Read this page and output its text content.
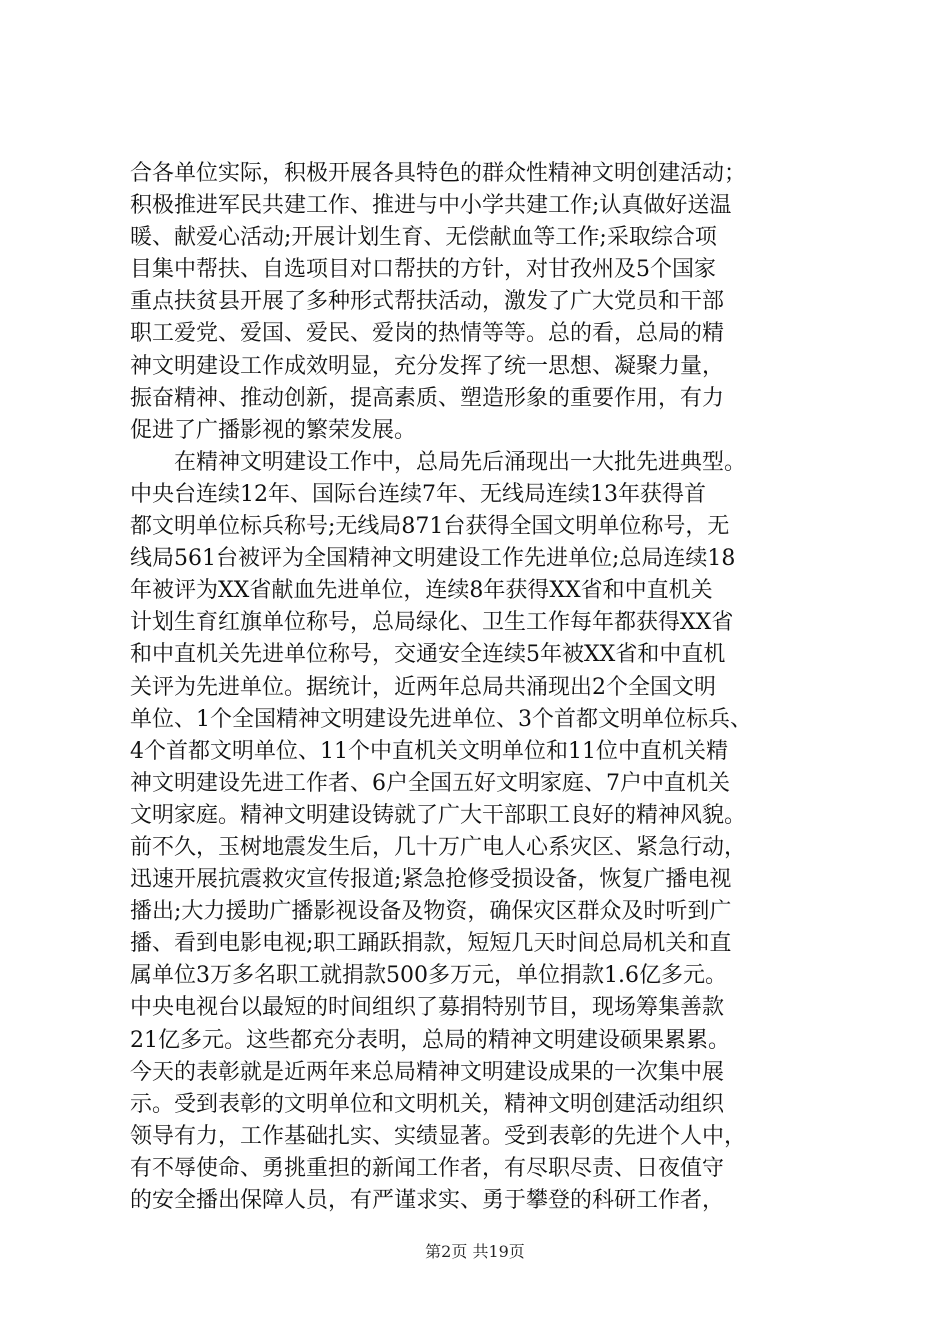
合各单位实际，积极开展各具特色的群众性精神文明创建活动；
积极推进军民共建工作、推进与中小学共建工作;认真做好送温
暖、献爱心活动;开展计划生育、无偿献血等工作;采取综合项
目集中帮扶、自选项目对口帮扶的方针，对甘孜州及5个国家
重点扶贫县开展了多种形式帮扶活动，激发了广大党员和干部
职工爱党、爱国、爱民、爱岗的热情等等。总的看，总局的精
神文明建设工作成效明显，充分发挥了统一思想、凝聚力量，
振奋精神、推动创新，提高素质、塑造形象的重要作用，有力
促进了广播影视的繁荣发展。
　　在精神文明建设工作中，总局先后涌现出一大批先进典型。
中央台连续12年、国际台连续7年、无线局连续13年获得首
都文明单位标兵称号;无线局871台获得全国文明单位称号，无
线局561台被评为全国精神文明建设工作先进单位;总局连续18
年被评为XX省献血先进单位，连续8年获得XX省和中直机关
计划生育红旗单位称号，总局绿化、卫生工作每年都获得XX省
和中直机关先进单位称号，交通安全连续5年被XX省和中直机
关评为先进单位。据统计，近两年总局共涌现出2个全国文明
单位、1个全国精神文明建设先进单位、3个首都文明单位标兵、
4个首都文明单位、11个中直机关文明单位和11位中直机关精
神文明建设先进工作者、6户全国五好文明家庭、7户中直机关
文明家庭。精神文明建设铸就了广大干部职工良好的精神风貌。
前不久，玉树地震发生后，几十万广电人心系灾区、紧急行动，
迅速开展抗震救灾宣传报道;紧急抢修受损设备，恢复广播电视
播出;大力援助广播影视设备及物资，确保灾区群众及时听到广
播、看到电影电视;职工踊跃捐款，短短几天时间总局机关和直
属单位3万多名职工就捐款500多万元，单位捐款1.6亿多元。
中央电视台以最短的时间组织了募捐特别节目，现场筹集善款
21亿多元。这些都充分表明，总局的精神文明建设硕果累累。
今天的表彰就是近两年来总局精神文明建设成果的一次集中展
示。受到表彰的文明单位和文明机关，精神文明创建活动组织
领导有力，工作基础扎实、实绩显著。受到表彰的先进个人中，
有不辱使命、勇挑重担的新闻工作者，有尽职尽责、日夜值守
的安全播出保障人员，有严谨求实、勇于攀登的科研工作者，
第2页 共19页
